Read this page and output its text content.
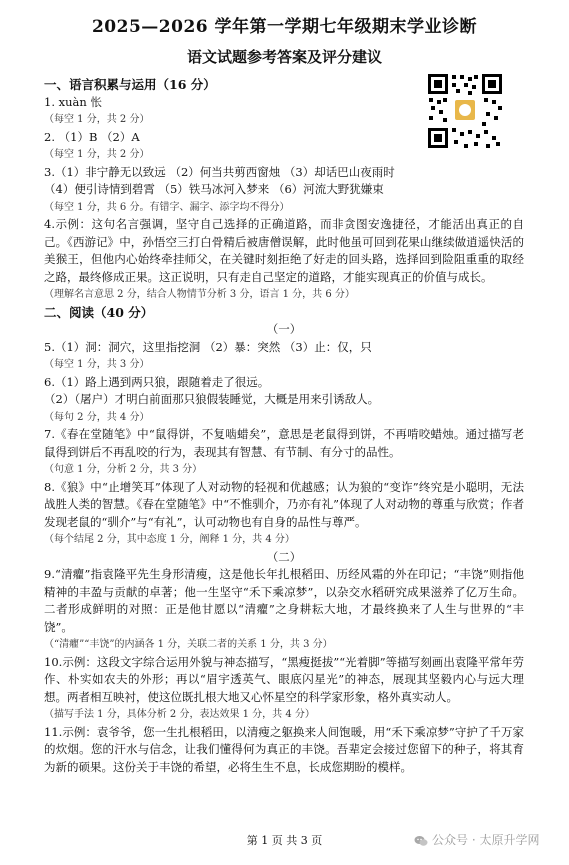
2025—2026 学年第一学期七年级期末学业诊断
语文试题参考答案及评分建议
一、语言积累与运用（16 分）
1. xuàn 怅
（每空 1 分，共 2 分）
2. （1）B （2）A
（每空 1 分，共 2 分）
3.（1）非宁静无以致远 （2）何当共剪西窗烛 （3）却话巴山夜雨时
（4）便引诗情到碧霄 （5）铁马冰河入梦来 （6）河流大野犹嫌束
（每空 1 分，共 6 分。有错字、漏字、添字均不得分）
4.示例：这句名言强调，坚守自己选择的正确道路，而非贪图安逸捷径，才能活出真正的自己。《西游记》中，孙悟空三打白骨精后被唐僧误解，此时他虽可回到花果山继续做逍遥快活的美猴王，但他内心始终牵挂师父，在关键时刻拒绝了好走的回头路，选择回到险阻重重的取经之路，最终修成正果。这正说明，只有走自己坚定的道路，才能实现真正的价值与成长。
（理解名言意思 2 分，结合人物情节分析 3 分，语言 1 分，共 6 分）
二、阅读（40 分）
（一）
5.（1）洞：洞穴，这里指挖洞 （2）暴：突然 （3）止：仅，只
（每空 1 分，共 3 分）
6.（1）路上遇到两只狼，跟随着走了很远。
（2）（屠户）才明白前面那只狼假装睡觉，大概是用来引诱敌人。
（每句 2 分，共 4 分）
7.《春在堂随笔》中“鼠得饼，不复啮蜡矣”，意思是老鼠得到饼，不再啃咬蜡烛。通过描写老鼠得到饼后不再乱咬的行为，表现其有智慧、有节制、有分寸的品性。
（句意 1 分，分析 2 分，共 3 分）
8.《狼》中“止增笑耳”体现了人对动物的轻视和优越感；认为狼的“变诈”终究是小聪明，无法战胜人类的智慧。《春在堂随笔》中“不惟驯介，乃亦有礼”体现了人对动物的尊重与欣赏；作者发现老鼠的“驯介”与“有礼”，认可动物也有自身的品性与尊严。
（每个结尾 2 分，其中态度 1 分，阐释 1 分，共 4 分）
（二）
9.“清癯”指袁隆平先生身形清瘦，这是他长年扎根稻田、历经风霜的外在印记；“丰饶”则指他精神的丰盈与贡献的卓著；他一生坚守“禾下乘凉梦”，以杂交水稻研究成果滋养了亿万生命。二者形成鲜明的对照：正是他甘愿以“清癯”之身耕耘大地，才最终换来了人生与世界的“丰饶”。
（“清癯”“丰饶”的内涵各 1 分，关联二者的关系 1 分，共 3 分）
10.示例：这段文字综合运用外貌与神态描写，“黑瘦挺拔”“光着脚”等描写刻画出袁隆平常年劳作、朴实如农夫的外形；再以“眉宇透英气、眼底闪星光”的神态，展现其坚毅内心与远大理想。两者相互映衬，使这位既扎根大地又心怀星空的科学家形象，格外真实动人。
（描写手法 1 分，具体分析 2 分，表达效果 1 分，共 4 分）
11.示例：袁爷爷，您一生扎根稻田，以清瘦之躯换来人间饱暖，用“禾下乘凉梦”守护了千万家的炊烟。您的汗水与信念，让我们懂得何为真正的丰饶。吾辈定会接过您留下的种子，将其育为新的硕果。这份关于丰饶的希望，必将生生不息，长成您期盼的模样。
第 1 页 共 3 页	公众号 · 太原升学网
